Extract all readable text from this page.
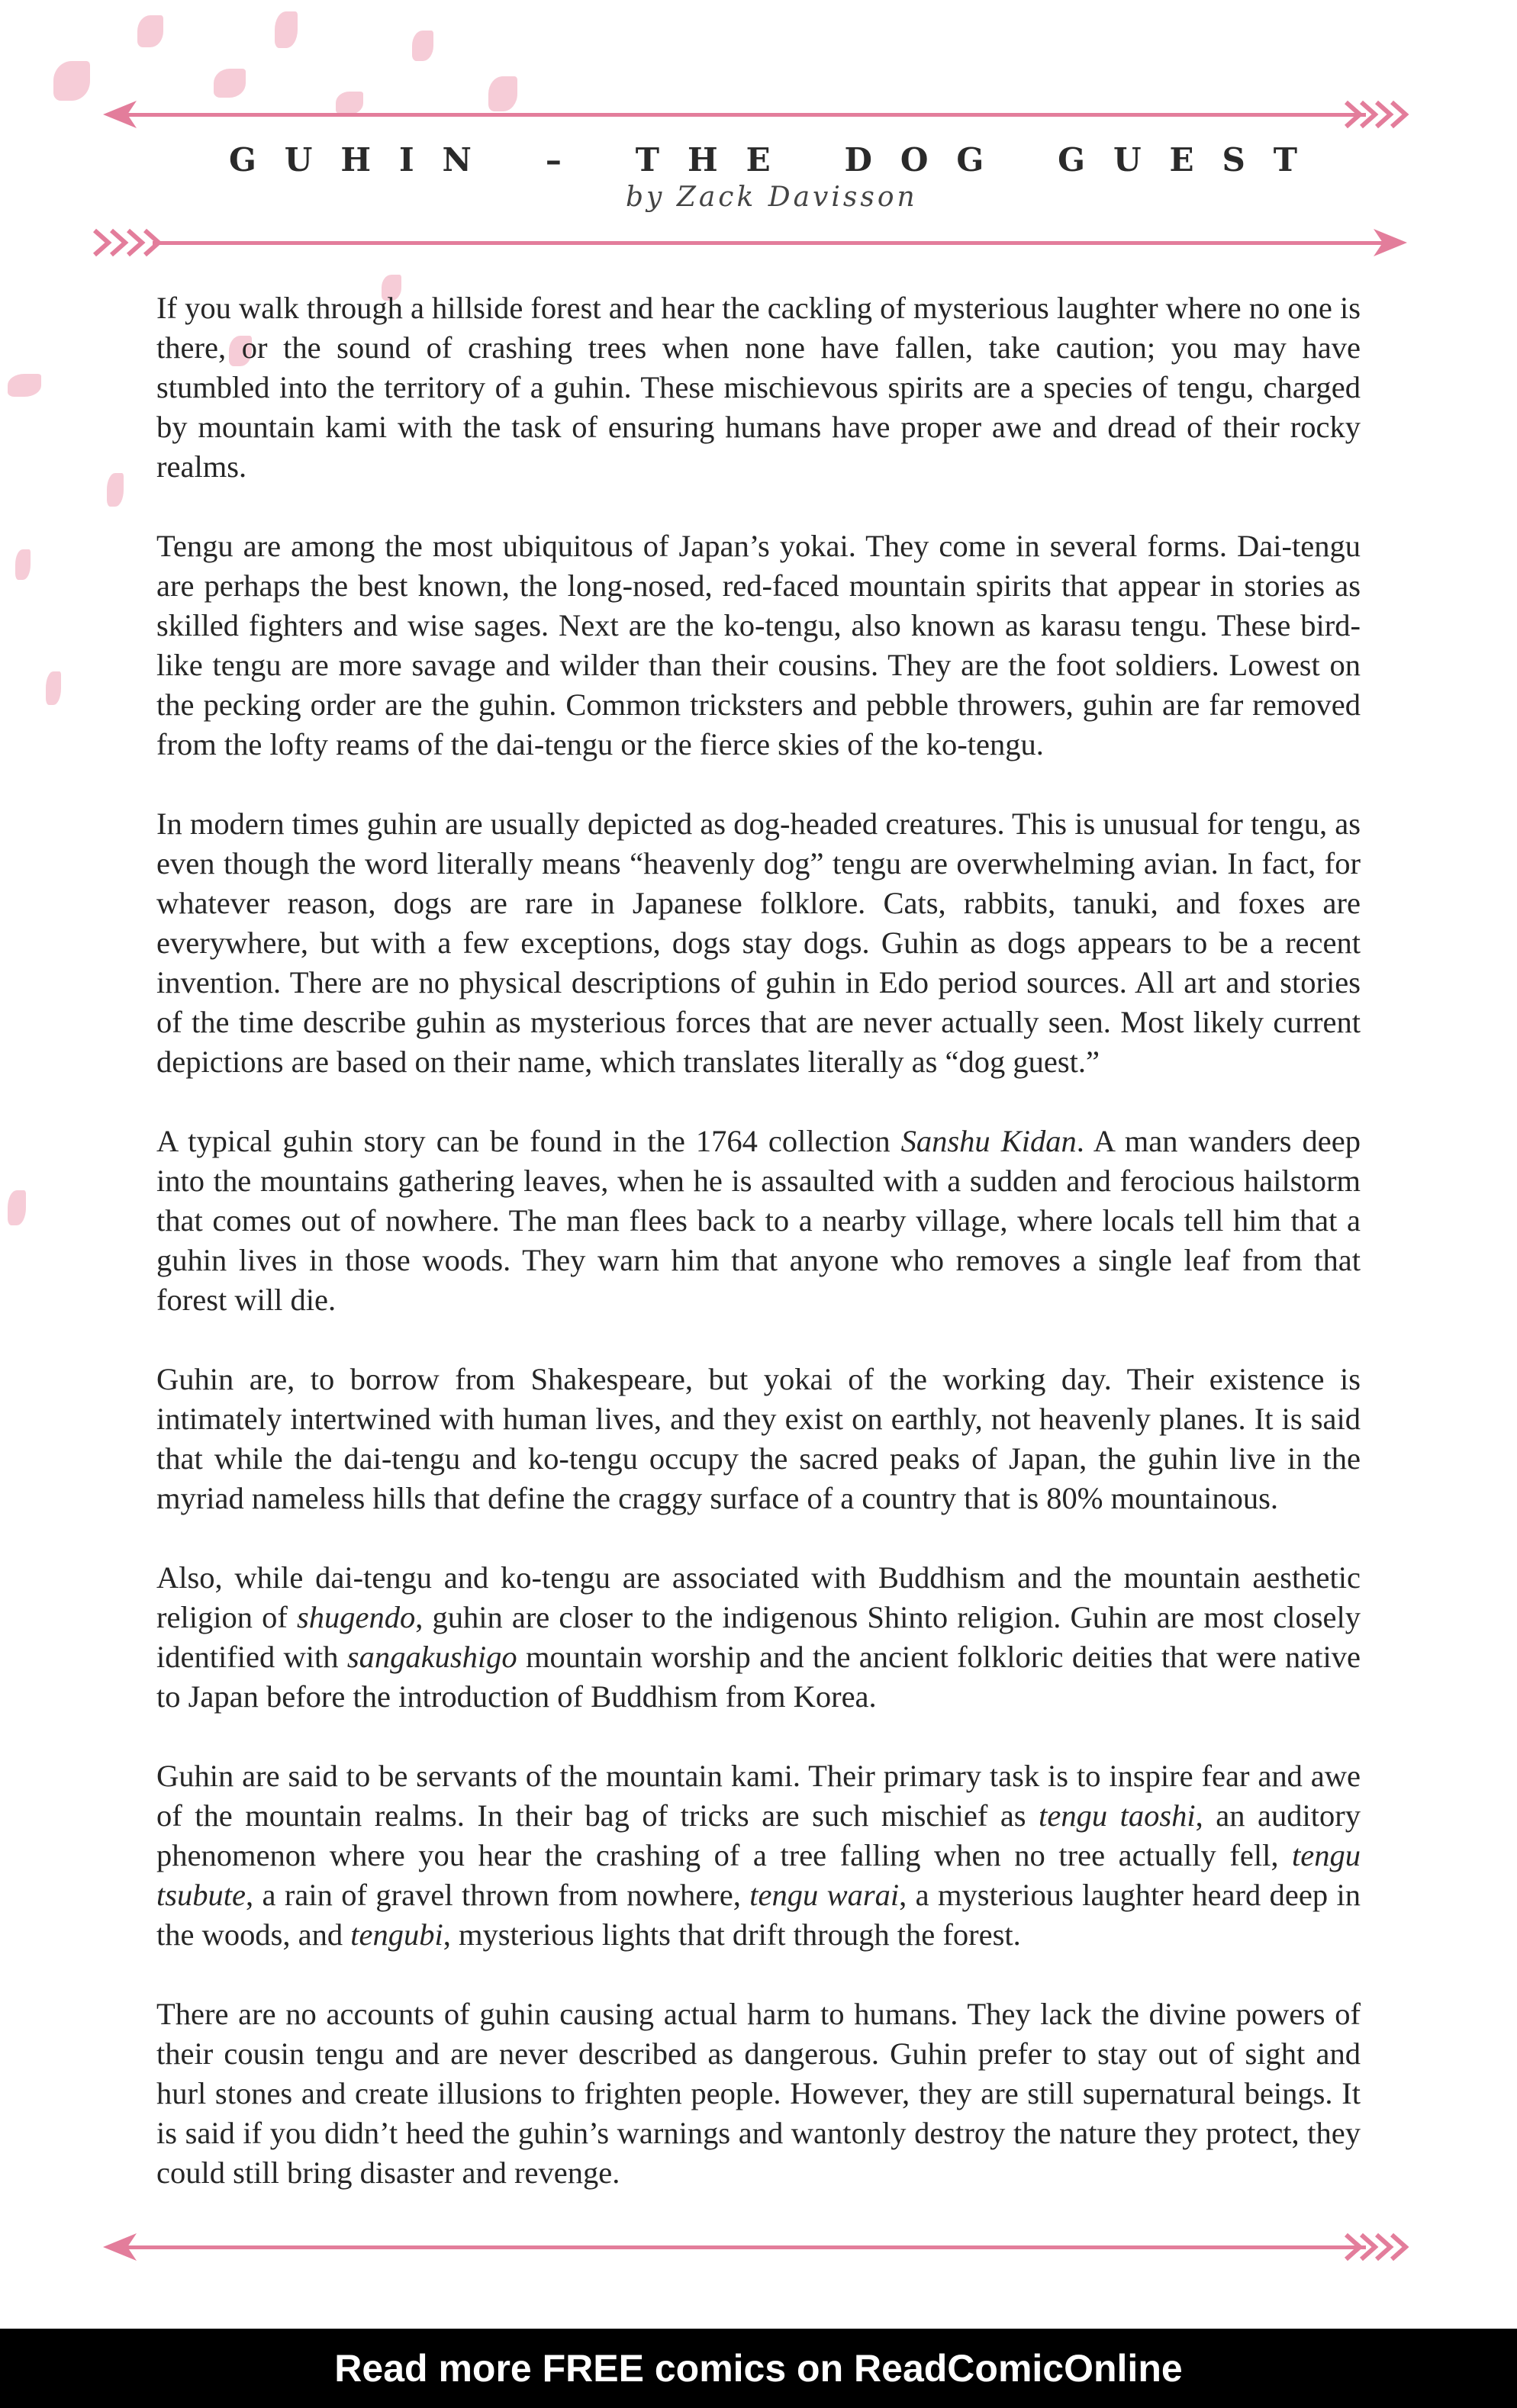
G U H I N – T H E D O G G U E S T
by Zack Davisson

If you walk through a hillside forest and hear the cackling of mysterious laughter where no one is there, or the sound of crashing trees when none have fallen, take caution; you may have stumbled into the territory of a guhin. These mischievous spirits are a species of tengu, charged by mountain kami with the task of ensuring humans have proper awe and dread of their rocky realms.

Tengu are among the most ubiquitous of Japan’s yokai. They come in several forms. Dai-tengu are perhaps the best known, the long-nosed, red-faced mountain spirits that appear in stories as skilled fighters and wise sages. Next are the ko-tengu, also known as karasu tengu. These bird-like tengu are more savage and wilder than their cousins. They are the foot soldiers. Lowest on the pecking order are the guhin. Common tricksters and pebble throwers, guhin are far removed from the lofty reams of the dai-tengu or the fierce skies of the ko-tengu.

In modern times guhin are usually depicted as dog-headed creatures. This is unusual for tengu, as even though the word literally means “heavenly dog” tengu are overwhelming avian. In fact, for whatever reason, dogs are rare in Japanese folklore. Cats, rabbits, tanuki, and foxes are everywhere, but with a few exceptions, dogs stay dogs. Guhin as dogs appears to be a recent invention. There are no physical descriptions of guhin in Edo period sources. All art and stories of the time describe guhin as mysterious forces that are never actually seen. Most likely current depictions are based on their name, which translates literally as “dog guest.”

A typical guhin story can be found in the 1764 collection Sanshu Kidan. A man wanders deep into the mountains gathering leaves, when he is assaulted with a sudden and ferocious hailstorm that comes out of nowhere. The man flees back to a nearby village, where locals tell him that a guhin lives in those woods. They warn him that anyone who removes a single leaf from that forest will die.

Guhin are, to borrow from Shakespeare, but yokai of the working day. Their existence is intimately intertwined with human lives, and they exist on earthly, not heavenly planes. It is said that while the dai-tengu and ko-tengu occupy the sacred peaks of Japan, the guhin live in the myriad nameless hills that define the craggy surface of a country that is 80% mountainous.

Also, while dai-tengu and ko-tengu are associated with Buddhism and the mountain aesthetic religion of shugendo, guhin are closer to the indigenous Shinto religion. Guhin are most closely identified with sangakushigo mountain worship and the ancient folkloric deities that were native to Japan before the introduction of Buddhism from Korea.

Guhin are said to be servants of the mountain kami. Their primary task is to inspire fear and awe of the mountain realms. In their bag of tricks are such mischief as tengu taoshi, an auditory phenomenon where you hear the crashing of a tree falling when no tree actually fell, tengu tsubute, a rain of gravel thrown from nowhere, tengu warai, a mysterious laughter heard deep in the woods, and tengubi, mysterious lights that drift through the forest.

There are no accounts of guhin causing actual harm to humans. They lack the divine powers of their cousin tengu and are never described as dangerous. Guhin prefer to stay out of sight and hurl stones and create illusions to frighten people. However, they are still supernatural beings. It is said if you didn’t heed the guhin’s warnings and wantonly destroy the nature they protect, they could still bring disaster and revenge.

Read more FREE comics on ReadComicOnline
